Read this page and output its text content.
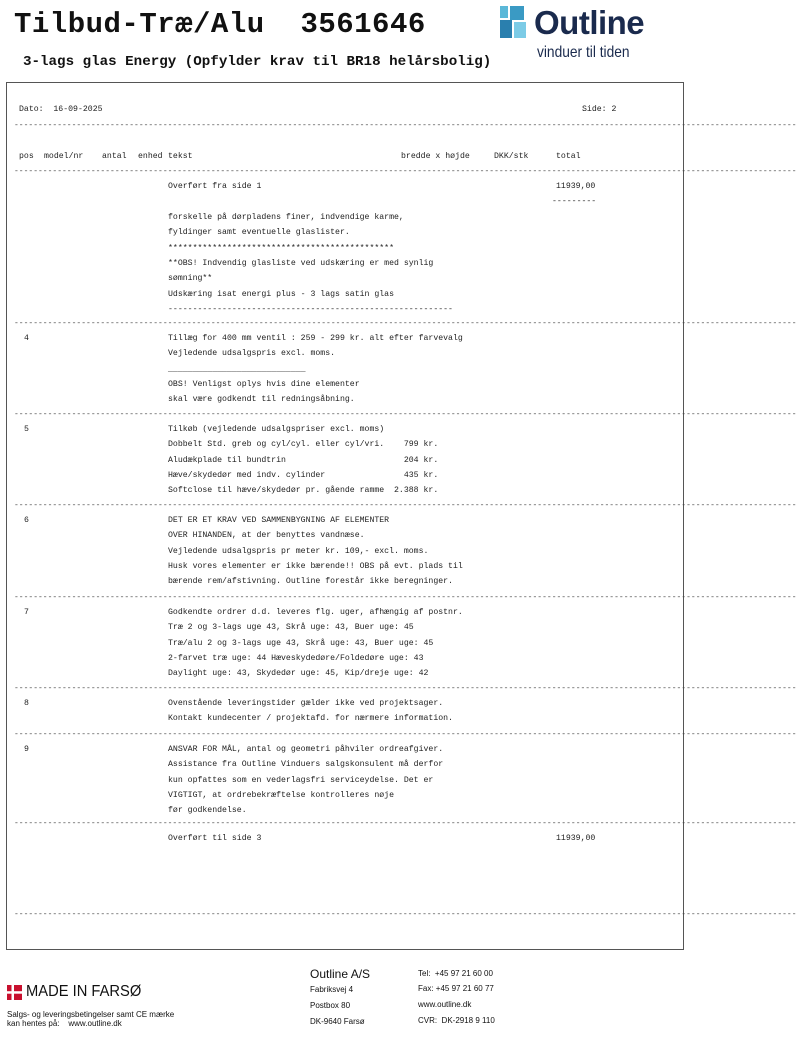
Tilbud-Træ/Alu  3561646
3-lags glas Energy (Opfylder krav til BR18 helårsbolig)
Outline
vinduer til tiden
Dato:  16-09-2025	Side: 2
-------------------------------------------------------------------------------------------------------------------------------------------------------------------
pos model/nr antal enhed tekst	bredde x højde	DKK/stk	total
-------------------------------------------------------------------------------------------------------------------------------------------------------------------
Overført fra side 1	11939,00
---------
forskelle på dørpladens finer, indvendige karme,
fyldinger samt eventuelle glaslister.
**********************************************
**OBS! Indvendig glasliste ved udskæring er med synlig
sømning**
Udskæring isat energi plus - 3 lags satin glas
----------------------------------------------------------
-------------------------------------------------------------------------------------------------------------------------------------------------------------------
4	Tillæg for 400 mm ventil : 259 - 299 kr. alt efter farvevalg
Vejledende udsalgspris excl. moms.
____________________________
OBS! Venligst oplys hvis dine elementer
skal være godkendt til redningsåbning.
-------------------------------------------------------------------------------------------------------------------------------------------------------------------
5	Tilkøb (vejledende udsalgspriser excl. moms)
Dobbelt Std. greb og cyl/cyl. eller cyl/vri.    799 kr.
Aludækplade til bundtrin                        204 kr.
Hæve/skydedør med indv. cylinder                435 kr.
Softclose til hæve/skydedør pr. gående ramme  2.388 kr.
-------------------------------------------------------------------------------------------------------------------------------------------------------------------
6	DET ER ET KRAV VED SAMMENBYGNING AF ELEMENTER
OVER HINANDEN, at der benyttes vandnæse.
Vejledende udsalgspris pr meter kr. 109,- excl. moms.
Husk vores elementer er ikke bærende!! OBS på evt. plads til
bærende rem/afstivning. Outline forestår ikke beregninger.
-------------------------------------------------------------------------------------------------------------------------------------------------------------------
7	Godkendte ordrer d.d. leveres flg. uger, afhængig af postnr.
Træ 2 og 3-lags uge 43, Skrå uge: 43, Buer uge: 45
Træ/alu 2 og 3-lags uge 43, Skrå uge: 43, Buer uge: 45
2-farvet træ uge: 44 Hæveskydedøre/Foldedøre uge: 43
Daylight uge: 43, Skydedør uge: 45, Kip/dreje uge: 42
-------------------------------------------------------------------------------------------------------------------------------------------------------------------
8	Ovenstående leveringstider gælder ikke ved projektsager.
Kontakt kundecenter / projektafd. for nærmere information.
-------------------------------------------------------------------------------------------------------------------------------------------------------------------
9	ANSVAR FOR MÅL, antal og geometri påhviler ordreafgiver.
Assistance fra Outline Vinduers salgskonsulent må derfor
kun opfattes som en vederlagsfri serviceydelse. Det er
VIGTIGT, at ordrebekræftelse kontrolleres nøje
før godkendelse.
-------------------------------------------------------------------------------------------------------------------------------------------------------------------
Overført til side 3	11939,00
-------------------------------------------------------------------------------------------------------------------------------------------------------------------
MADE IN FARSØ
Salgs- og leveringsbetingelser samt CE mærke
kan hentes på:    www.outline.dk
Outline A/S
Fabriksvej 4
Postbox 80
DK-9640 Farsø
Tel:  +45 97 21 60 00
Fax: +45 97 21 60 77
www.outline.dk
CVR:  DK-2918 9 110
